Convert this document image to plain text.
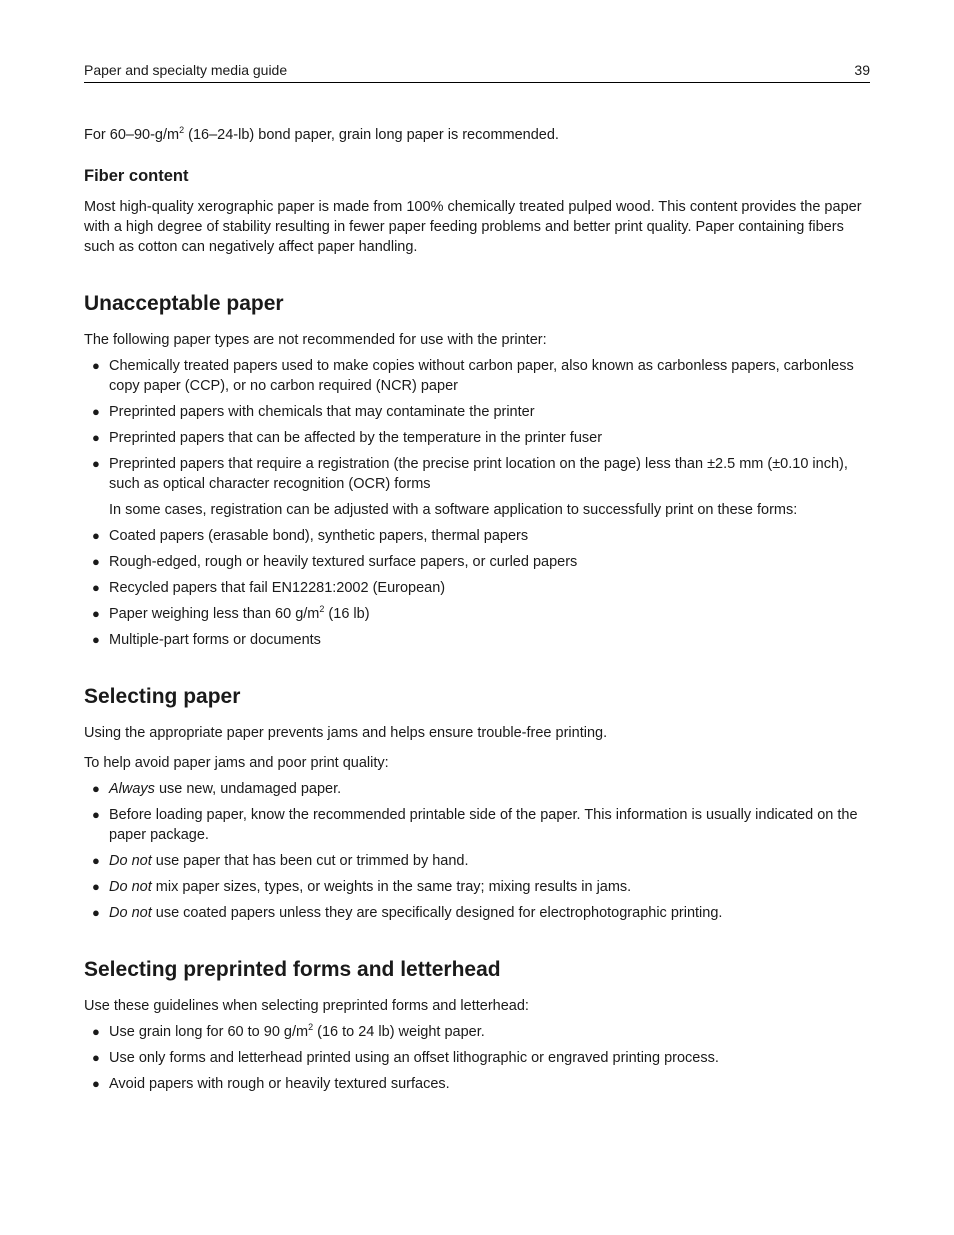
Paper and specialty media guide	39

For $60-90-g/m^2$ (16–24-lb) bond paper, grain long paper is recommended.

Fiber content

Most high-quality xerographic paper is made from 100% chemically treated pulped wood. This content provides the paper with a high degree of stability resulting in fewer paper feeding problems and better print quality. Paper containing fibers such as cotton can negatively affect paper handling.

Unacceptable paper

The following paper types are not recommended for use with the printer:

● Chemically treated papers used to make copies without carbon paper, also known as carbonless papers, carbonless copy paper (CCP), or no carbon required (NCR) paper
● Preprinted papers with chemicals that may contaminate the printer
● Preprinted papers that can be affected by the temperature in the printer fuser
● Preprinted papers that require a registration (the precise print location on the page) less than ±2.5 mm (±0.10 inch), such as optical character recognition (OCR) forms

In some cases, registration can be adjusted with a software application to successfully print on these forms:

● Coated papers (erasable bond), synthetic papers, thermal papers
● Rough-edged, rough or heavily textured surface papers, or curled papers
● Recycled papers that fail EN12281:2002 (European)
● Paper weighing less than 60 $g/m^2$ (16 lb)
● Multiple-part forms or documents
Selecting paper

Using the appropriate paper prevents jams and helps ensure trouble-free printing.

To help avoid paper jams and poor print quality:

● Always use new, undamaged paper.
● Before loading paper, know the recommended printable side of the paper. This information is usually indicated on the paper package.
● Do not use paper that has been cut or trimmed by hand.
● Do not mix paper sizes, types, or weights in the same tray; mixing results in jams.
● Do not use coated papers unless they are specifically designed for electrophotographic printing.
Selecting preprinted forms and letterhead

Use these guidelines when selecting preprinted forms and letterhead:

● Use grain long for 60 to 90 $g/m^2$ (16 to 24 lb) weight paper.
● Use only forms and letterhead printed using an offset lithographic or engraved printing process.
● Avoid papers with rough or heavily textured surfaces.
